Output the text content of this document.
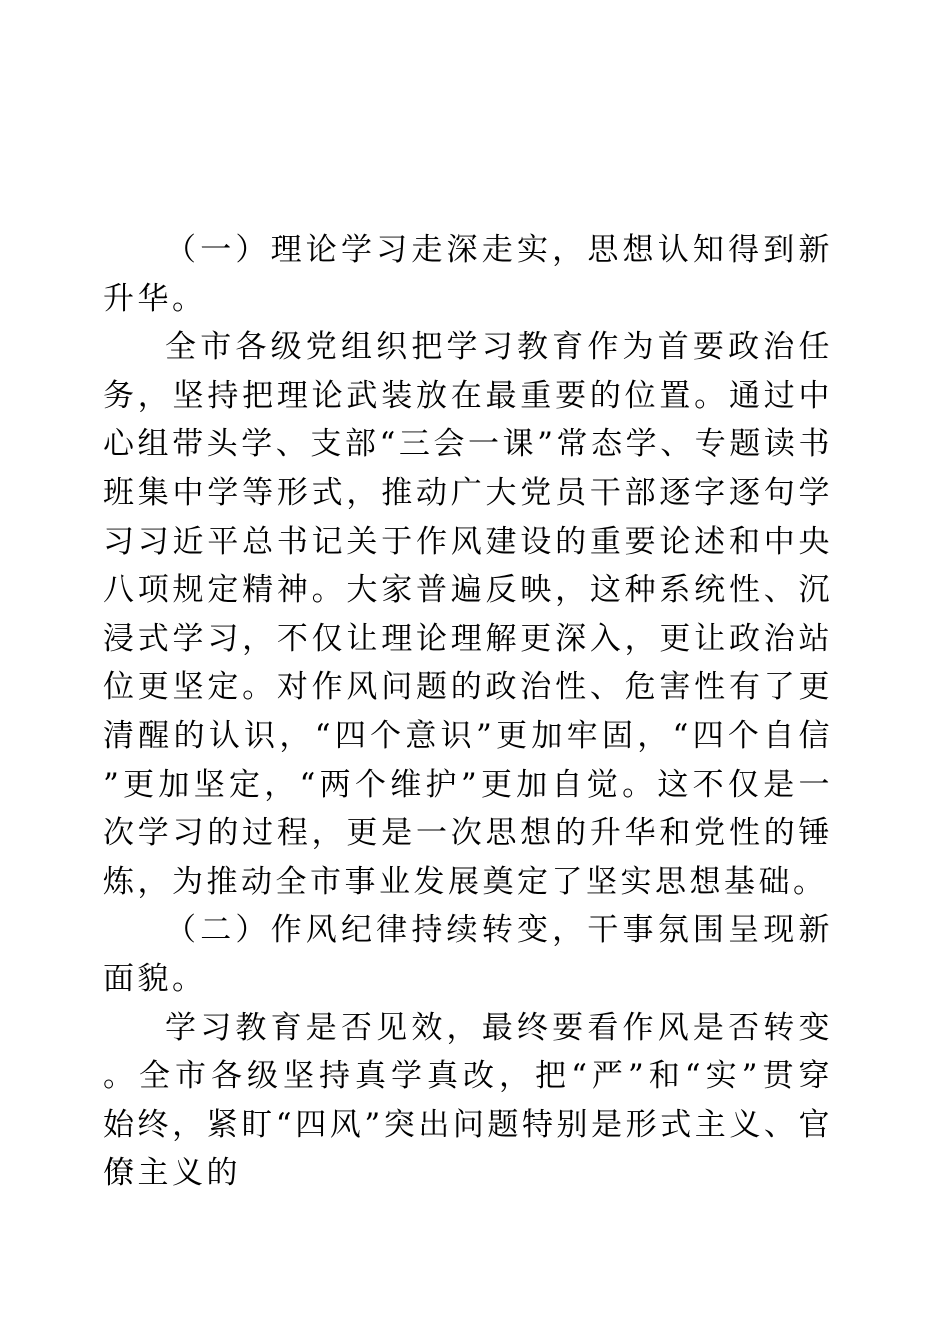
（一）理论学习走深走实，思想认知得到新升华。

全市各级党组织把学习教育作为首要政治任务，坚持把理论武装放在最重要的位置。通过中心组带头学、支部“三会一课”常态学、专题读书班集中学等形式，推动广大党员干部逐字逐句学习习近平总书记关于作风建设的重要论述和中央八项规定精神。大家普遍反映，这种系统性、沉浸式学习，不仅让理论理解更深入，更让政治站位更坚定。对作风问题的政治性、危害性有了更清醒的认识，“四个意识”更加牢固，“四个自信”更加坚定，“两个维护”更加自觉。这不仅是一次学习的过程，更是一次思想的升华和党性的锤炼，为推动全市事业发展奠定了坚实思想基础。

（二）作风纪律持续转变，干事氛围呈现新面貌。

学习教育是否见效，最终要看作风是否转变。全市各级坚持真学真改，把“严”和“实”贯穿始终，紧盯“四风”突出问题特别是形式主义、官僚主义的
